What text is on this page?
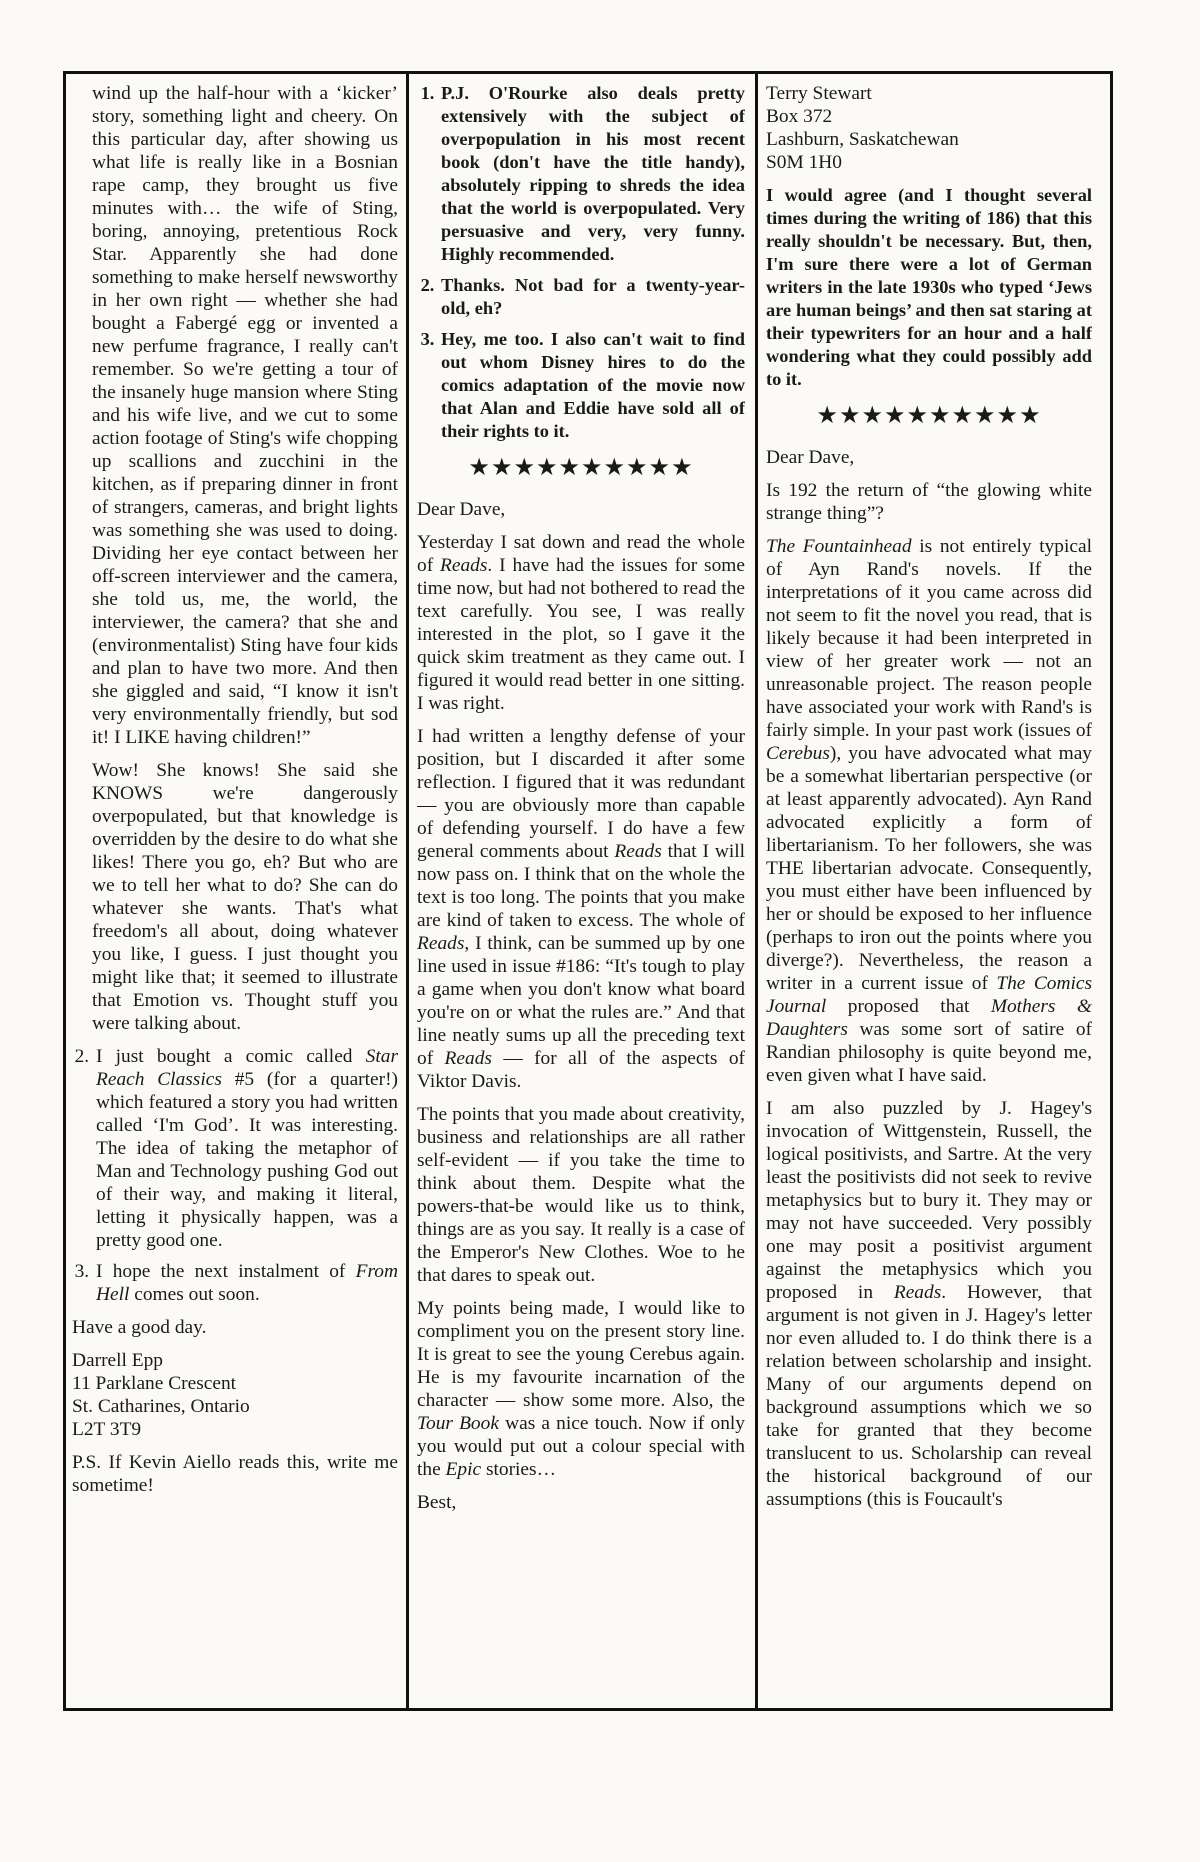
wind up the half-hour with a ‘kicker’ story, something light and cheery. On this particular day, after showing us what life is really like in a Bosnian rape camp, they brought us five minutes with… the wife of Sting, boring, annoying, pretentious Rock Star. Apparently she had done something to make herself newsworthy in her own right — whether she had bought a Fabergé egg or invented a new perfume fragrance, I really can't remember. So we're getting a tour of the insanely huge mansion where Sting and his wife live, and we cut to some action footage of Sting's wife chopping up scallions and zucchini in the kitchen, as if preparing dinner in front of strangers, cameras, and bright lights was something she was used to doing. Dividing her eye contact between her off-screen interviewer and the camera, she told us, me, the world, the interviewer, the camera? that she and (environmentalist) Sting have four kids and plan to have two more. And then she giggled and said, “I know it isn't very environmentally friendly, but sod it! I LIKE having children!”

Wow! She knows! She said she KNOWS we're dangerously overpopulated, but that knowledge is overridden by the desire to do what she likes! There you go, eh? But who are we to tell her what to do? She can do whatever she wants. That's what freedom's all about, doing whatever you like, I guess. I just thought you might like that; it seemed to illustrate that Emotion vs. Thought stuff you were talking about.

2. I just bought a comic called Star Reach Classics #5 (for a quarter!) which featured a story you had written called ‘I'm God’. It was interesting. The idea of taking the metaphor of Man and Technology pushing God out of their way, and making it literal, letting it physically happen, was a pretty good one.
3. I hope the next instalment of From Hell comes out soon.

Have a good day.

Darrell Epp

11 Parklane Crescent

St. Catharines, Ontario

L2T 3T9

P.S. If Kevin Aiello reads this, write me sometime!

1. P.J. O'Rourke also deals pretty extensively with the subject of overpopulation in his most recent book (don't have the title handy), absolutely ripping to shreds the idea that the world is overpopulated. Very persuasive and very, very funny. Highly recommended.
2. Thanks. Not bad for a twenty-year-old, eh?
3. Hey, me too. I also can't wait to find out whom Disney hires to do the comics adaptation of the movie now that Alan and Eddie have sold all of their rights to it.
★★★★★★★★★★

Dear Dave,

Yesterday I sat down and read the whole of Reads. I have had the issues for some time now, but had not bothered to read the text carefully. You see, I was really interested in the plot, so I gave it the quick skim treatment as they came out. I figured it would read better in one sitting. I was right.

I had written a lengthy defense of your position, but I discarded it after some reflection. I figured that it was redundant — you are obviously more than capable of defending yourself. I do have a few general comments about Reads that I will now pass on. I think that on the whole the text is too long. The points that you make are kind of taken to excess. The whole of Reads, I think, can be summed up by one line used in issue #186: “It's tough to play a game when you don't know what board you're on or what the rules are.” And that line neatly sums up all the preceding text of Reads — for all of the aspects of Viktor Davis.

The points that you made about creativity, business and relationships are all rather self-evident — if you take the time to think about them. Despite what the powers-that-be would like us to think, things are as you say. It really is a case of the Emperor's New Clothes. Woe to he that dares to speak out.

My points being made, I would like to compliment you on the present story line. It is great to see the young Cerebus again. He is my favourite incarnation of the character — show some more. Also, the Tour Book was a nice touch. Now if only you would put out a colour special with the Epic stories…

Best,

Terry Stewart

Box 372

Lashburn, Saskatchewan

S0M 1H0

I would agree (and I thought several times during the writing of 186) that this really shouldn't be necessary. But, then, I'm sure there were a lot of German writers in the late 1930s who typed ‘Jews are human beings’ and then sat staring at their typewriters for an hour and a half wondering what they could possibly add to it.

★★★★★★★★★★

Dear Dave,

Is 192 the return of “the glowing white strange thing”?

The Fountainhead is not entirely typical of Ayn Rand's novels. If the interpretations of it you came across did not seem to fit the novel you read, that is likely because it had been interpreted in view of her greater work — not an unreasonable project. The reason people have associated your work with Rand's is fairly simple. In your past work (issues of Cerebus), you have advocated what may be a somewhat libertarian perspective (or at least apparently advocated). Ayn Rand advocated explicitly a form of libertarianism. To her followers, she was THE libertarian advocate. Consequently, you must either have been influenced by her or should be exposed to her influence (perhaps to iron out the points where you diverge?). Nevertheless, the reason a writer in a current issue of The Comics Journal proposed that Mothers & Daughters was some sort of satire of Randian philosophy is quite beyond me, even given what I have said.

I am also puzzled by J. Hagey's invocation of Wittgenstein, Russell, the logical positivists, and Sartre. At the very least the positivists did not seek to revive metaphysics but to bury it. They may or may not have succeeded. Very possibly one may posit a positivist argument against the metaphysics which you proposed in Reads. However, that argument is not given in J. Hagey's letter nor even alluded to. I do think there is a relation between scholarship and insight. Many of our arguments depend on background assumptions which we so take for granted that they become translucent to us. Scholarship can reveal the historical background of our assumptions (this is Foucault's
